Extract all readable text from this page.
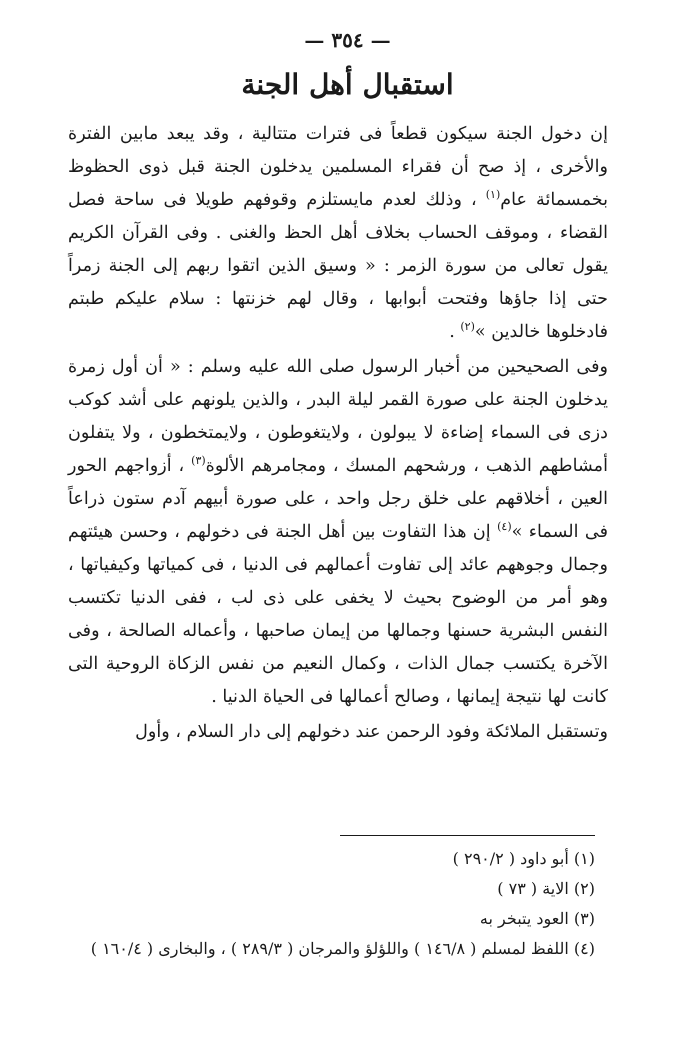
— ٣٥٤ —
استقبال أهل الجنة

إن دخول الجنة سيكون قطعاً فى فترات متتالية ، وقد يبعد مابين الفترة والأخرى ، إذ صح أن فقراء المسلمين يدخلون الجنة قبل ذوى الحظوظ بخمسمائة عام$^{(١)}$ ، وذلك لعدم مايستلزم وقوفهم طويلا فى ساحة فصل القضاء ، وموقف الحساب بخلاف أهل الحظ والغنى . وفى القرآن الكريم يقول تعالى من سورة الزمر : « وسيق الذين اتقوا ربهم إلى الجنة زمراً حتى إذا جاؤها وفتحت أبوابها ، وقال لهم خزنتها : سلام عليكم طبتم فادخلوها خالدين »$^{(٢)}$ .

وفى الصحيحين من أخبار الرسول صلى الله عليه وسلم : « أن أول زمرة يدخلون الجنة على صورة القمر ليلة البدر ، والذين يلونهم على أشد كوكب دزى فى السماء إضاءة لا يبولون ، ولايتغوطون ، ولايمتخطون ، ولا يتفلون أمشاطهم الذهب ، ورشحهم المسك ، ومجامرهم الألوة$^{(٣)}$ ، أزواجهم الحور العين ، أخلاقهم على خلق رجل واحد ، على صورة أبيهم آدم ستون ذراعاً فى السماء »$^{(٤)}$ إن هذا التفاوت بين أهل الجنة فى دخولهم ، وحسن هيئتهم وجمال وجوههم عائد إلى تفاوت أعمالهم فى الدنيا ، فى كمياتها وكيفياتها ، وهو أمر من الوضوح بحيث لا يخفى على ذى لب ، ففى الدنيا تكتسب النفس البشرية حسنها وجمالها من إيمان صاحبها ، وأعماله الصالحة ، وفى الآخرة يكتسب جمال الذات ، وكمال النعيم من نفس الزكاة الروحية التى كانت لها نتيجة إيمانها ، وصالح أعمالها فى الحياة الدنيا .

وتستقبل الملائكة وفود الرحمن عند دخولهم إلى دار السلام ، وأول

(١) أبو داود ( ٢٩٠/٢ )

(٢) الاية ( ٧٣ )

(٣) العود يتبخر به

(٤) اللفظ لمسلم ( ١٤٦/٨ ) واللؤلؤ والمرجان ( ٢٨٩/٣ ) ، والبخارى ( ١٦٠/٤ )
